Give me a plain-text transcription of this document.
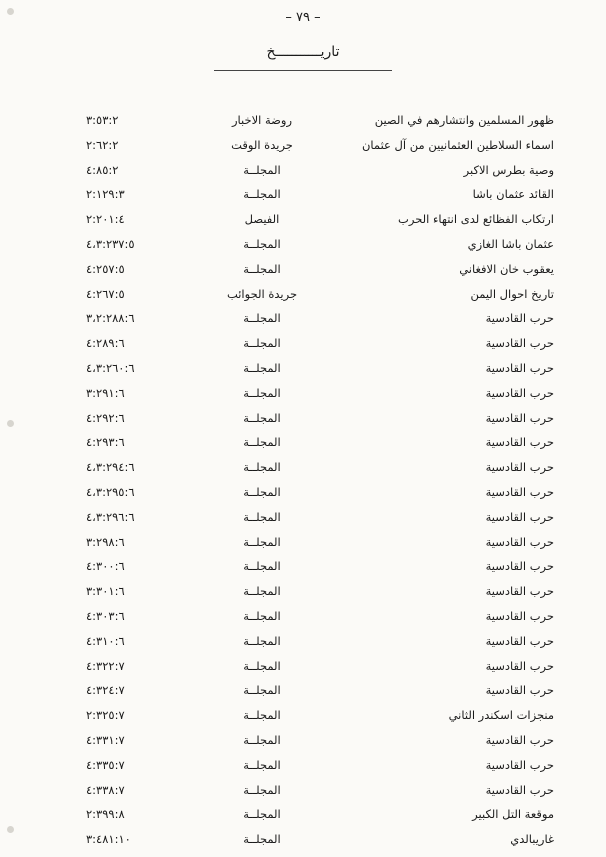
– ٧٩ –
تاريـــــــــــخ
ظهور المسلمين وانتشارهم في الصين
روضة الاخبار
٣:٥٣:٢
اسماء السلاطين العثمانيين من آل عثمان
جريدة الوقت
٢:٦٢:٢
وصية بطرس الاكبر
المجلــة
٤:٨٥:٢
القائد عثمان باشا
المجلــة
٢:١٢٩:٣
ارتكاب الفظائع لدى انتهاء الحرب
الفيصل
٢:٢٠١:٤
عثمان باشا الغازي
المجلــة
٤،٣:٢٣٧:٥
يعقوب خان الافغاني
المجلــة
٤:٢٥٧:٥
تاريخ احوال اليمن
جريدة الجوائب
٤:٢٦٧:٥
حرب القادسية
المجلــة
٣،٢:٢٨٨:٦
حرب القادسية
المجلــة
٤:٢٨٩:٦
حرب القادسية
المجلــة
٤،٣:٢٦٠:٦
حرب القادسية
المجلــة
٣:٢٩١:٦
حرب القادسية
المجلــة
٤:٢٩٢:٦
حرب القادسية
المجلــة
٤:٢٩٣:٦
حرب القادسية
المجلــة
٤،٣:٢٩٤:٦
حرب القادسية
المجلــة
٤،٣:٢٩٥:٦
حرب القادسية
المجلــة
٤،٣:٢٩٦:٦
حرب القادسية
المجلــة
٣:٢٩٨:٦
حرب القادسية
المجلــة
٤:٣٠٠:٦
حرب القادسية
المجلــة
٣:٣٠١:٦
حرب القادسية
المجلــة
٤:٣٠٣:٦
حرب القادسية
المجلــة
٤:٣١٠:٦
حرب القادسية
المجلــة
٤:٣٢٢:٧
حرب القادسية
المجلــة
٤:٣٢٤:٧
منجزات اسكندر الثاني
المجلــة
٢:٣٢٥:٧
حرب القادسية
المجلــة
٤:٣٣١:٧
حرب القادسية
المجلــة
٤:٣٣٥:٧
حرب القادسية
المجلــة
٤:٣٣٨:٧
موقعة التل الكبير
المجلــة
٢:٣٩٩:٨
غاريبالدي
المجلــة
٣:٤٨١:١٠
